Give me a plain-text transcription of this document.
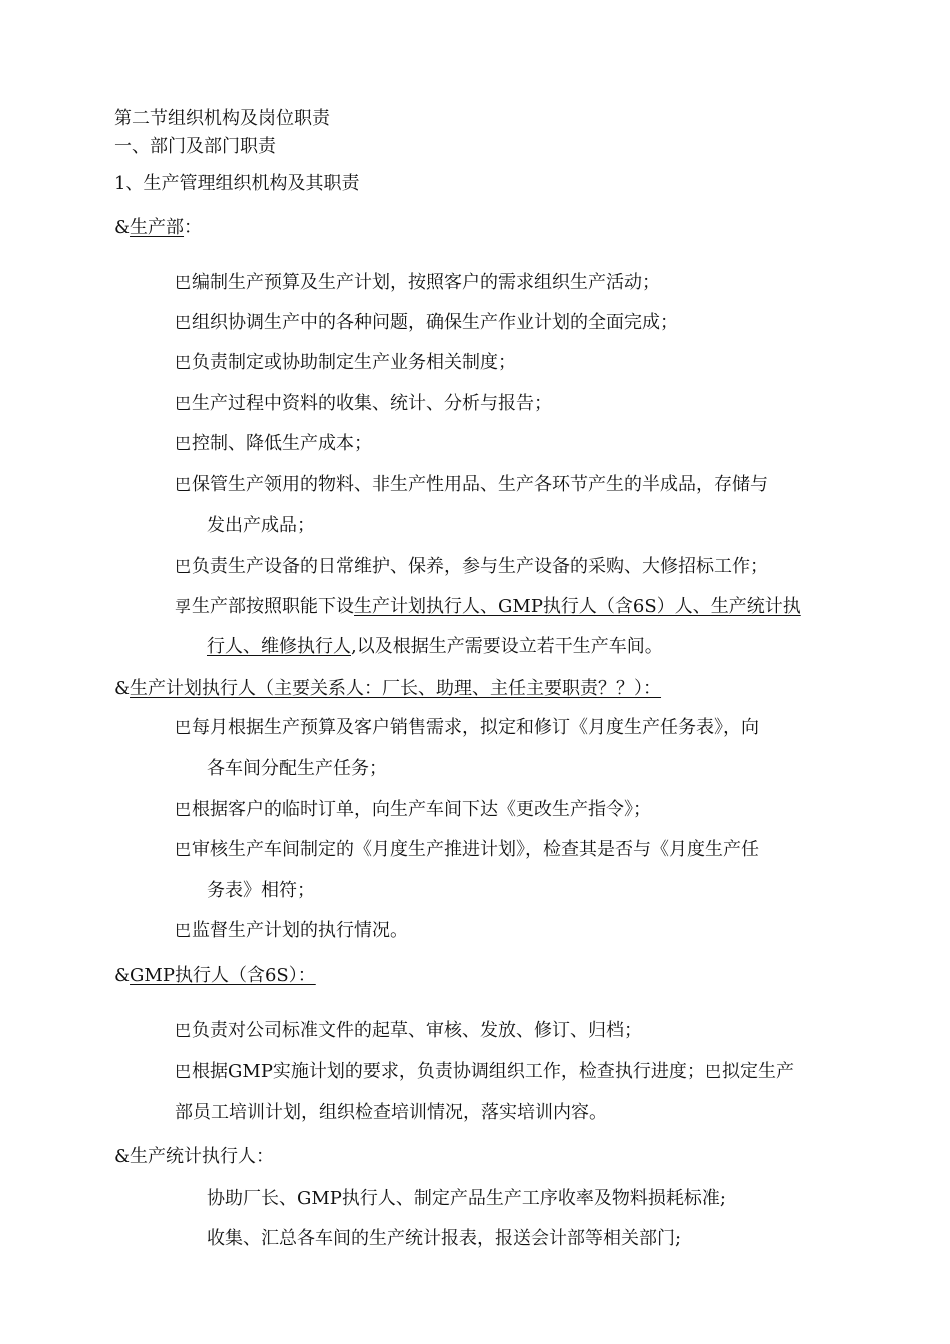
第二节组织机构及岗位职责
一、部门及部门职责
1、生产管理组织机构及其职责
&生产部：
巴编制生产预算及生产计划，按照客户的需求组织生产活动；
巴组织协调生产中的各种问题，确保生产作业计划的全面完成；
巴负责制定或协助制定生产业务相关制度；
巴生产过程中资料的收集、统计、分析与报告；
巴控制、降低生产成本；
巴保管生产领用的物料、非生产性用品、生产各环节产生的半成品，存储与
发出产成品；
巴负责生产设备的日常维护、保养，参与生产设备的采购、大修招标工作；
孠生产部按照职能下设生产计划执行人、GMP执行人（含6S）人、生产统计执
行人、维修执行人,以及根据生产需要设立若干生产车间。
&生产计划执行人（主要关系人：厂长、助理、主任主要职责？？）：
巴每月根据生产预算及客户销售需求，拟定和修订《月度生产任务表》，向
各车间分配生产任务；
巴根据客户的临时订单，向生产车间下达《更改生产指令》；
巴审核生产车间制定的《月度生产推进计划》，检查其是否与《月度生产任
务表》相符；
巴监督生产计划的执行情况。
&GMP执行人（含6S）：
巴负责对公司标准文件的起草、审核、发放、修订、归档；
巴根据GMP实施计划的要求，负责协调组织工作，检查执行进度；巴拟定生产
部员工培训计划，组织检查培训情况，落实培训内容。
&生产统计执行人：
协助厂长、GMP执行人、制定产品生产工序收率及物料损耗标准;
收集、汇总各车间的生产统计报表，报送会计部等相关部门;
